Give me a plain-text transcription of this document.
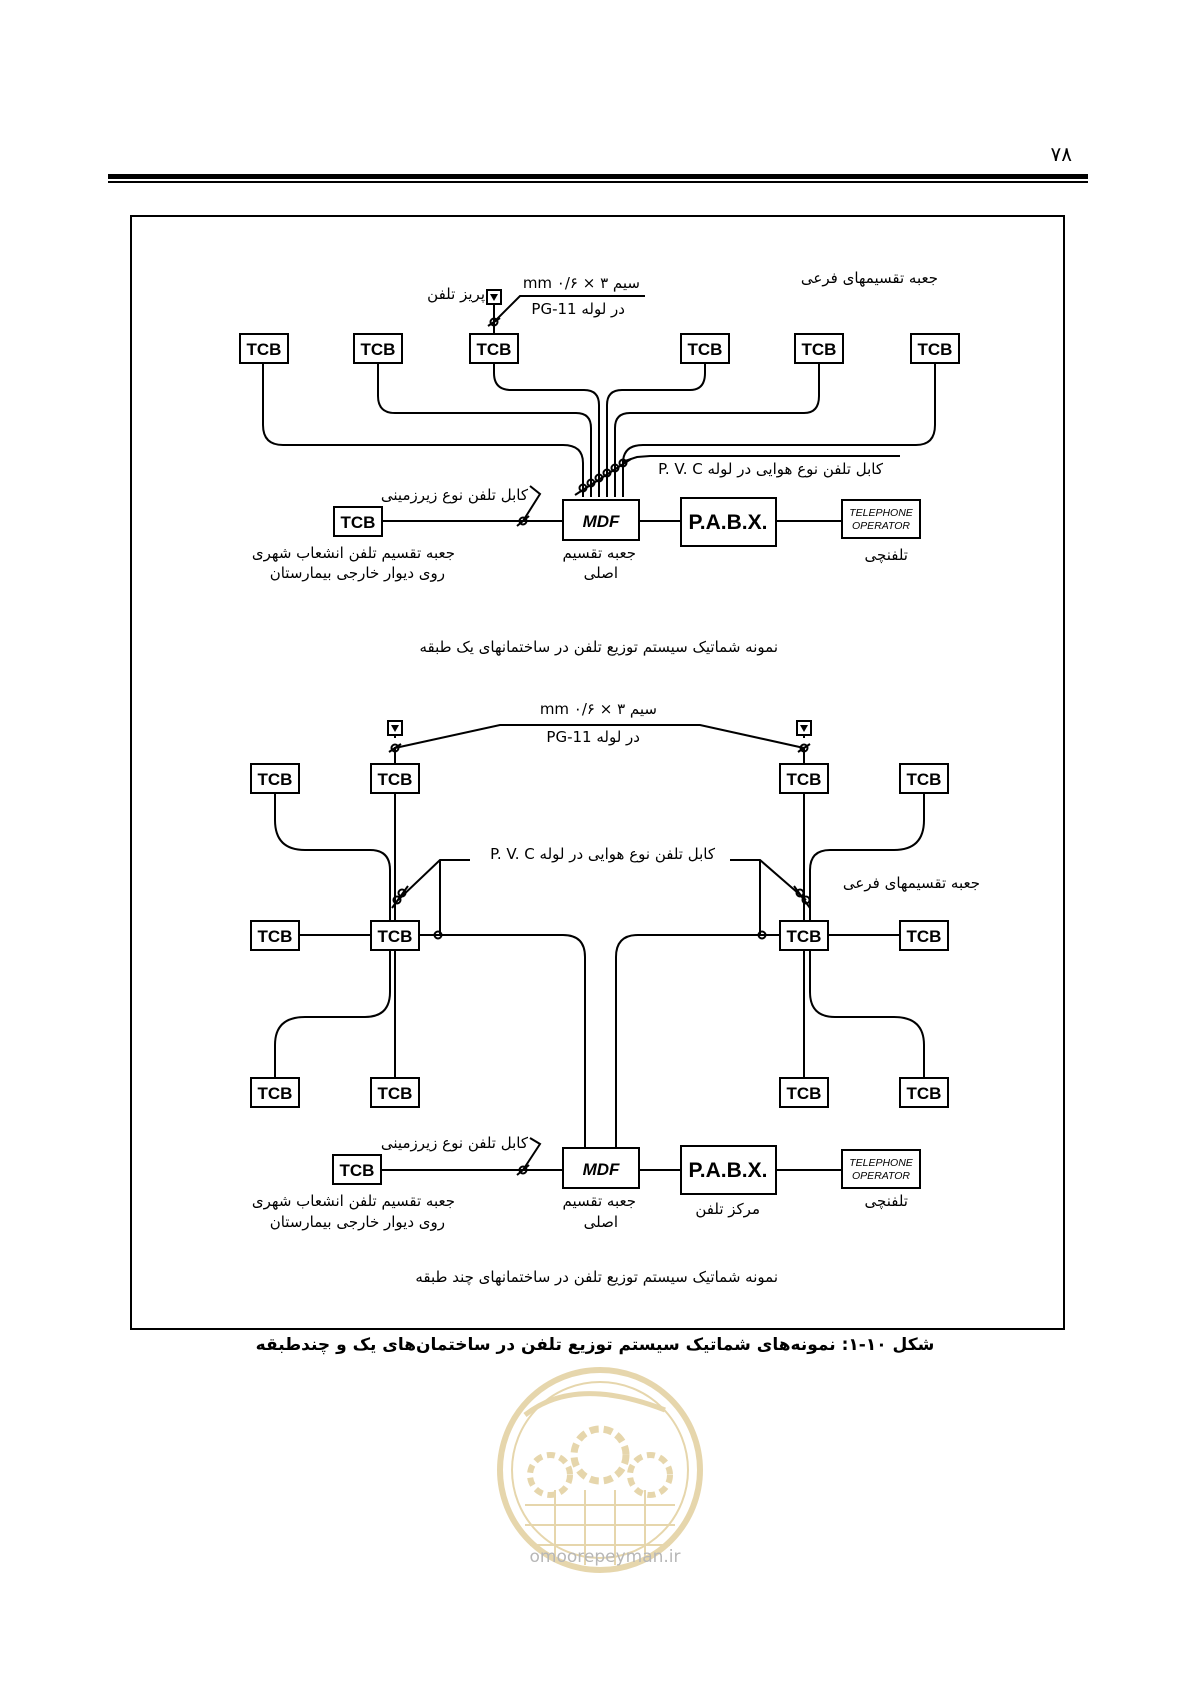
۷۸
TCB	TCB	TCB	TCB	TCB	TCB
TCB	MDF	P.A.B.X.	TELEPHONE
OPERATOR
سیم mm ۰/۶ × ۳
در لوله PG-11
پریز تلفن
جعبه تقسیمهای فرعی
کابل تلفن نوع هوایی در لوله P. V. C
کابل تلفن نوع زیرزمینی
جعبه تقسیم تلفن انشعاب شهری
روی دیوار خارجی بیمارستان
جعبه تقسیم
اصلی
تلفنچی
نمونه شماتیک سیستم توزیع تلفن در ساختمانهای یک طبقه
TCB	TCB
TCB	TCB
TCB	TCB
TCB	TCB
TCB	TCB
TCB	TCB
TCB	MDF	P.A.B.X.	TELEPHONE
OPERATOR
سیم mm ۰/۶ × ۳
در لوله PG-11
کابل تلفن نوع هوایی در لوله P. V. C
جعبه تقسیمهای فرعی
کابل تلفن نوع زیرزمینی
جعبه تقسیم تلفن انشعاب شهری
روی دیوار خارجی بیمارستان
جعبه تقسیم
اصلی
مرکز تلفن	تلفنچی
نمونه شماتیک سیستم توزیع تلفن در ساختمانهای چند طبقه
شکل ۱۰-۱: نمونه‌های شماتیک سیستم توزیع تلفن در ساختمان‌های یک و چندطبقه
omoorepeyman.ir
